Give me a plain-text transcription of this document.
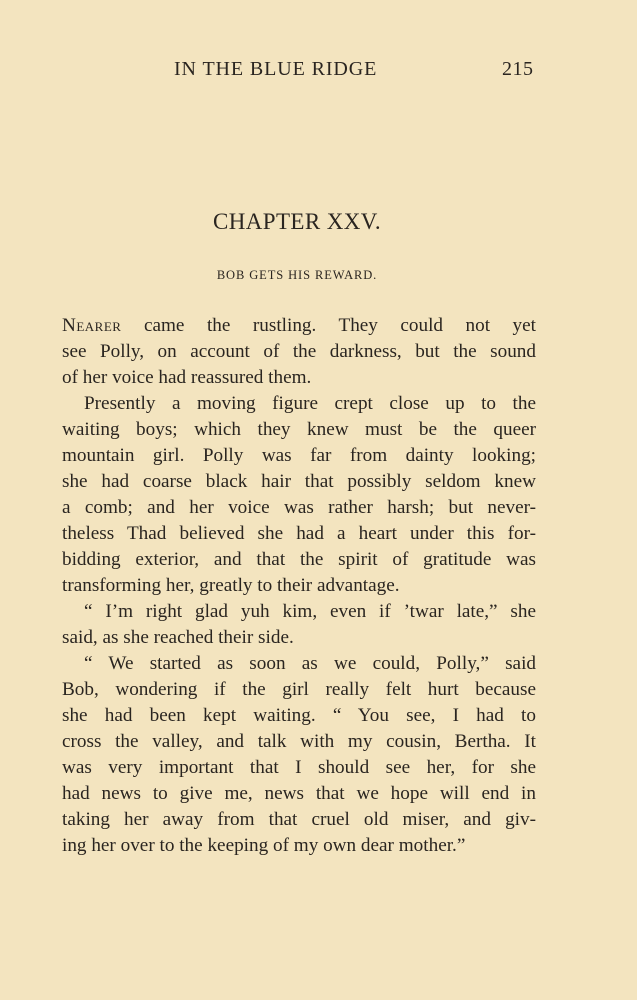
IN THE BLUE RIDGE	215
CHAPTER XXV.
BOB GETS HIS REWARD.
Nearer came the rustling. They could not yet
see Polly, on account of the darkness, but the sound
of her voice had reassured them.
Presently a moving figure crept close up to the
waiting boys; which they knew must be the queer
mountain girl. Polly was far from dainty looking;
she had coarse black hair that possibly seldom knew
a comb; and her voice was rather harsh; but never-
theless Thad believed she had a heart under this for-
bidding exterior, and that the spirit of gratitude was
transforming her, greatly to their advantage.
“ I’m right glad yuh kim, even if ’twar late,” she
said, as she reached their side.
“ We started as soon as we could, Polly,” said
Bob, wondering if the girl really felt hurt because
she had been kept waiting. “ You see, I had to
cross the valley, and talk with my cousin, Bertha. It
was very important that I should see her, for she
had news to give me, news that we hope will end in
taking her away from that cruel old miser, and giv-
ing her over to the keeping of my own dear mother.”
